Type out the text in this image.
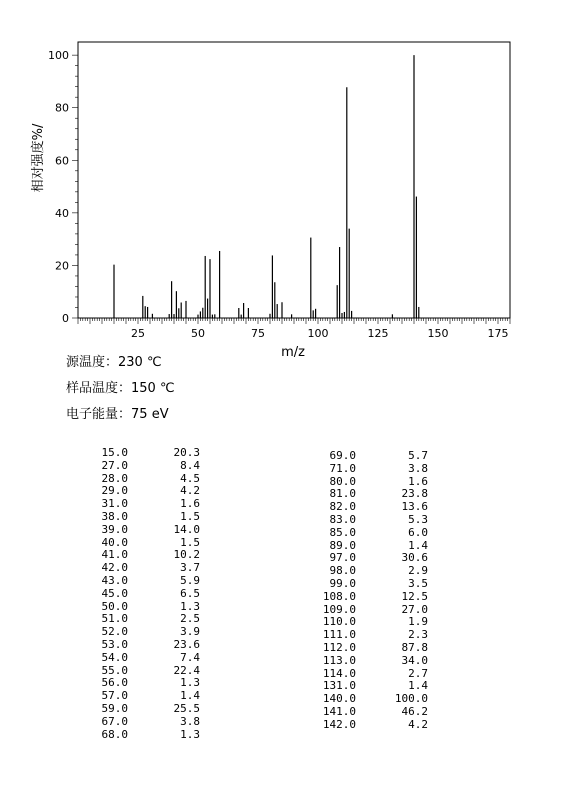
25	50	75	100	125	150	175
0
20
40
60
80
100
m/z
相对强度%/
源温度：230 ℃
样品温度：150 ℃
电子能量：75 eV
15.0	20.3
27.0	8.4
28.0	4.5
29.0	4.2
31.0	1.6
38.0	1.5
39.0	14.0
40.0	1.5
41.0	10.2
42.0	3.7
43.0	5.9
45.0	6.5
50.0	1.3
51.0	2.5
52.0	3.9
53.0	23.6
54.0	7.4
55.0	22.4
56.0	1.3
57.0	1.4
59.0	25.5
67.0	3.8
68.0	1.3
69.0	5.7
71.0	3.8
80.0	1.6
81.0	23.8
82.0	13.6
83.0	5.3
85.0	6.0
89.0	1.4
97.0	30.6
98.0	2.9
99.0	3.5
108.0	12.5
109.0	27.0
110.0	1.9
111.0	2.3
112.0	87.8
113.0	34.0
114.0	2.7
131.0	1.4
140.0	100.0
141.0	46.2
142.0	4.2
